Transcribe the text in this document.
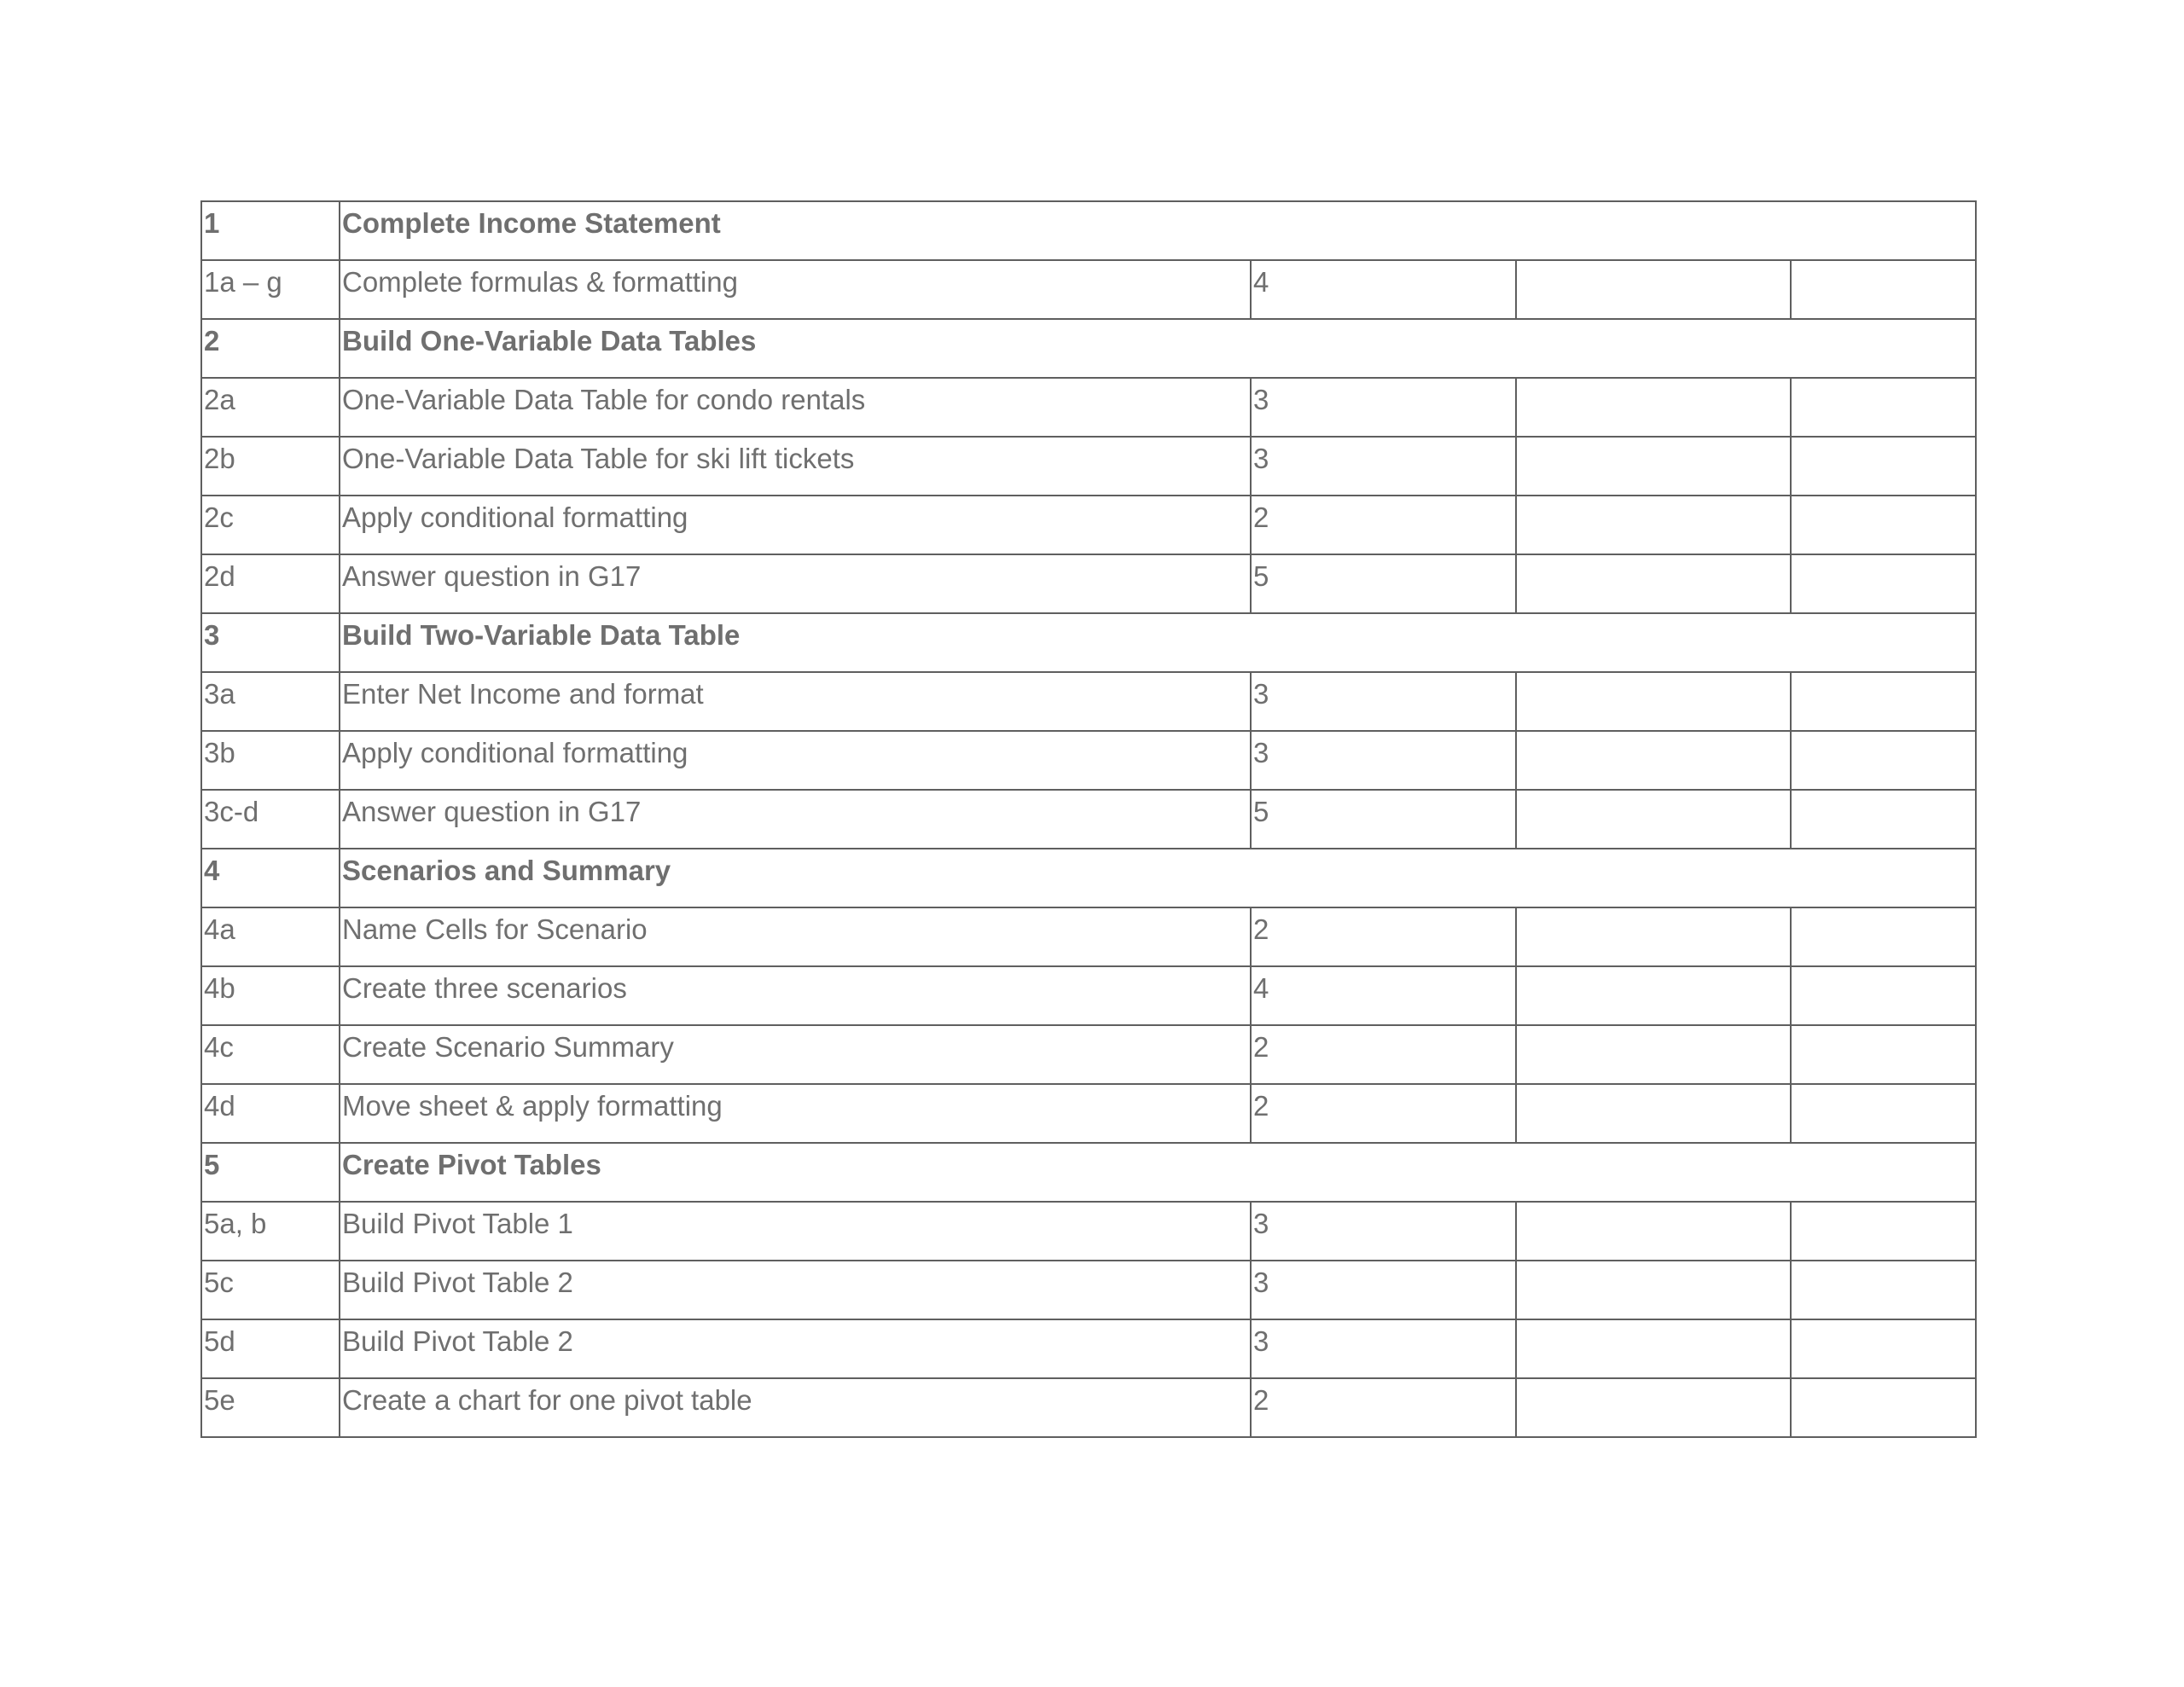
1	Complete Income Statement			

1a – g	Complete formulas & formatting	4		

2	Build One-Variable Data Tables			

2a	One-Variable Data Table for condo rentals	3		

2b	One-Variable Data Table for ski lift tickets	3		

2c	Apply conditional formatting	2		

2d	Answer question in G17	5		

3	Build Two-Variable Data Table			

3a	Enter Net Income and format	3		

3b	Apply conditional formatting	3		

3c-d	Answer question in G17	5		

4	Scenarios and Summary			

4a	Name Cells for Scenario	2		

4b	Create three scenarios	4		

4c	Create Scenario Summary	2		

4d	Move sheet & apply formatting	2		

5	Create Pivot Tables			

5a, b	Build Pivot Table 1	3		

5c	Build Pivot Table 2	3		

5d	Build Pivot Table 2	3		

5e	Create a chart for one pivot table	2		
